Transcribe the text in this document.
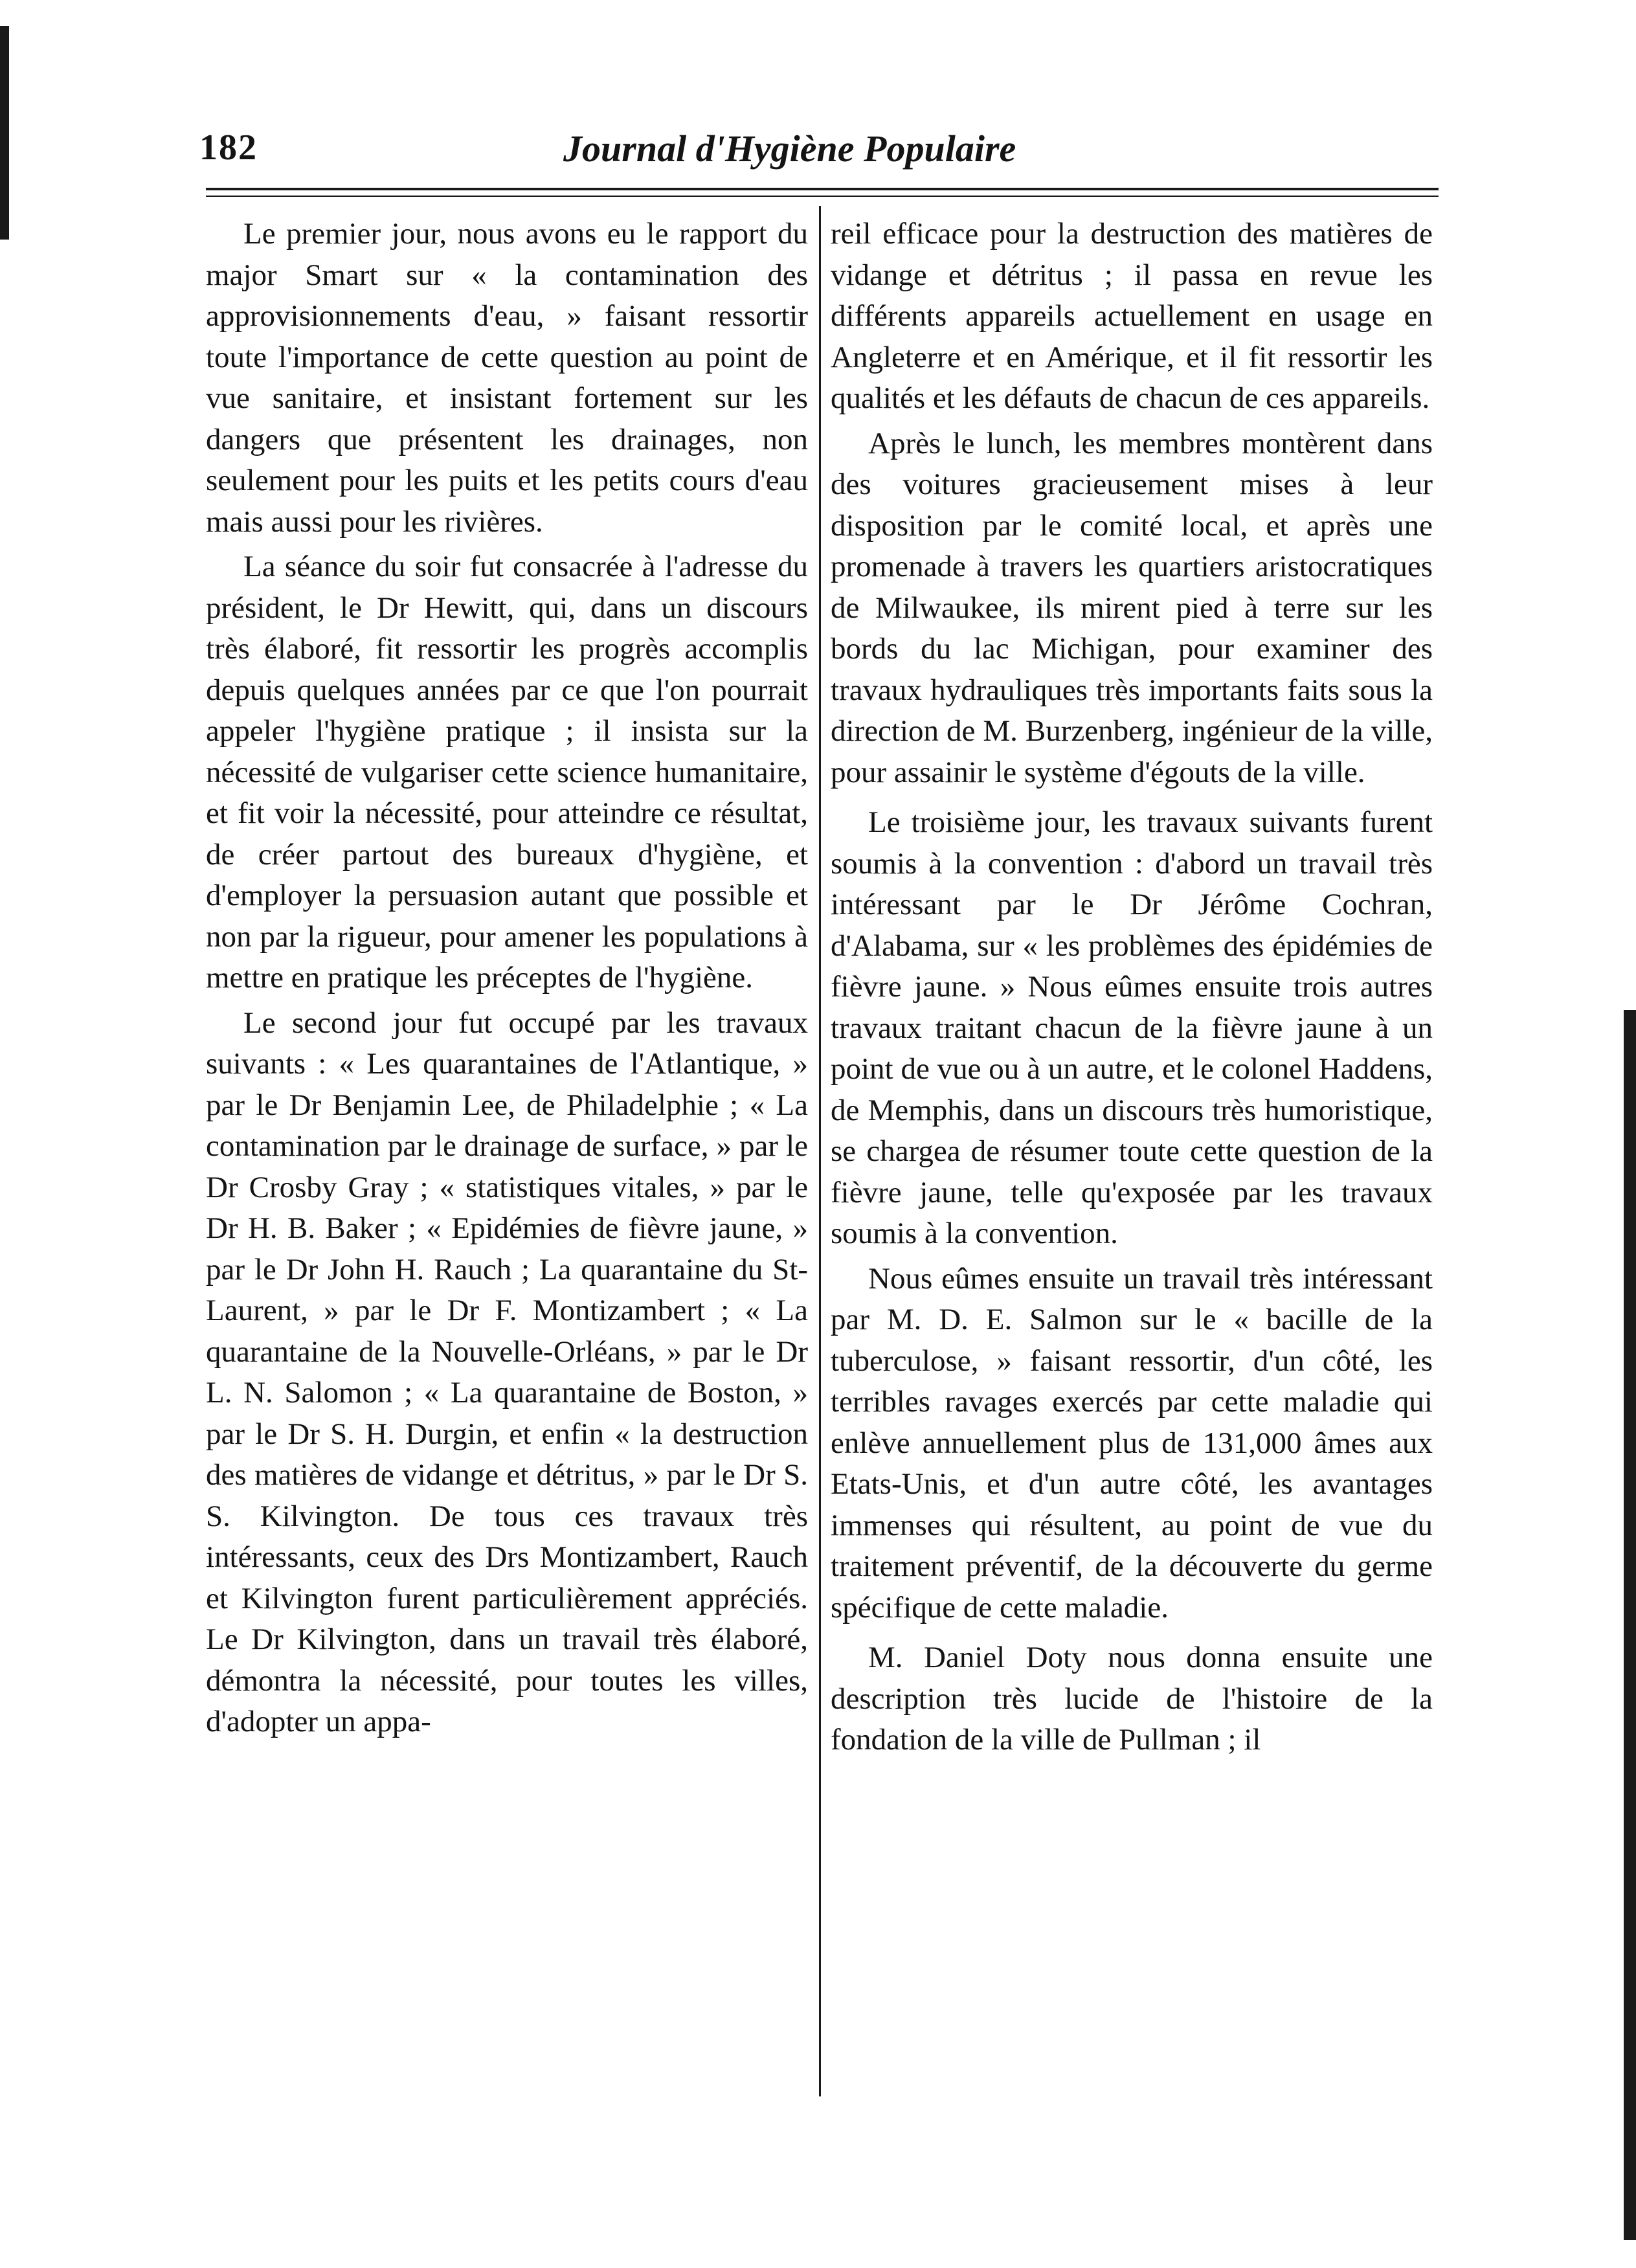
182	Journal d'Hygiène Populaire

Le premier jour, nous avons eu le rapport du major Smart sur « la contamination des approvisionnements d'eau, » faisant ressortir toute l'importance de cette question au point de vue sanitaire, et insistant fortement sur les dangers que présentent les drainages, non seulement pour les puits et les petits cours d'eau mais aussi pour les rivières.

La séance du soir fut consacrée à l'adresse du président, le Dr Hewitt, qui, dans un discours très élaboré, fit ressortir les progrès accomplis depuis quelques années par ce que l'on pourrait appeler l'hygiène pratique ; il insista sur la nécessité de vulgariser cette science humanitaire, et fit voir la nécessité, pour atteindre ce résultat, de créer partout des bureaux d'hygiène, et d'employer la persuasion autant que possible et non par la rigueur, pour amener les populations à mettre en pratique les préceptes de l'hygiène.

Le second jour fut occupé par les travaux suivants : « Les quarantaines de l'Atlantique, » par le Dr Benjamin Lee, de Philadelphie ; « La contamination par le drainage de surface, » par le Dr Crosby Gray ; « statistiques vitales, » par le Dr H. B. Baker ; « Epidémies de fièvre jaune, » par le Dr John H. Rauch ; La quarantaine du St-Laurent, » par le Dr F. Montizambert ; « La quarantaine de la Nouvelle-Orléans, » par le Dr L. N. Salomon ; « La quarantaine de Boston, » par le Dr S. H. Durgin, et enfin « la destruction des matières de vidange et détritus, » par le Dr S. S. Kilvington. De tous ces travaux très intéressants, ceux des Drs Montizambert, Rauch et Kilvington furent particulièrement appréciés. Le Dr Kilvington, dans un travail très élaboré, démontra la nécessité, pour toutes les villes, d'adopter un appa-

reil efficace pour la destruction des matières de vidange et détritus ; il passa en revue les différents appareils actuellement en usage en Angleterre et en Amérique, et il fit ressortir les qualités et les défauts de chacun de ces appareils.

Après le lunch, les membres montèrent dans des voitures gracieusement mises à leur disposition par le comité local, et après une promenade à travers les quartiers aristocratiques de Milwaukee, ils mirent pied à terre sur les bords du lac Michigan, pour examiner des travaux hydrauliques très importants faits sous la direction de M. Burzenberg, ingénieur de la ville, pour assainir le système d'égouts de la ville.

Le troisième jour, les travaux suivants furent soumis à la convention : d'abord un travail très intéressant par le Dr Jérôme Cochran, d'Alabama, sur « les problèmes des épidémies de fièvre jaune. » Nous eûmes ensuite trois autres travaux traitant chacun de la fièvre jaune à un point de vue ou à un autre, et le colonel Haddens, de Memphis, dans un discours très humoristique, se chargea de résumer toute cette question de la fièvre jaune, telle qu'exposée par les travaux soumis à la convention.

Nous eûmes ensuite un travail très intéressant par M. D. E. Salmon sur le « bacille de la tuberculose, » faisant ressortir, d'un côté, les terribles ravages exercés par cette maladie qui enlève annuellement plus de 131,000 âmes aux Etats-Unis, et d'un autre côté, les avantages immenses qui résultent, au point de vue du traitement préventif, de la découverte du germe spécifique de cette maladie.

M. Daniel Doty nous donna ensuite une description très lucide de l'histoire de la fondation de la ville de Pullman ; il
